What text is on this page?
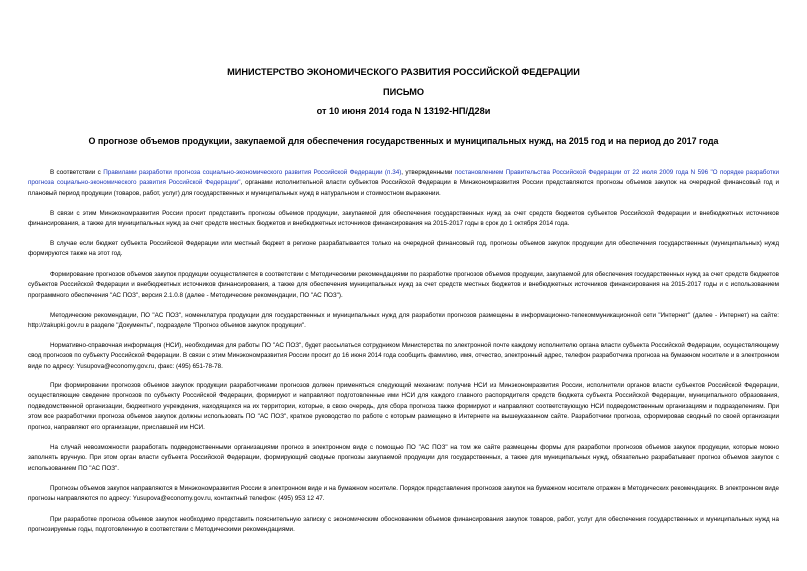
МИНИСТЕРСТВО ЭКОНОМИЧЕСКОГО РАЗВИТИЯ РОССИЙСКОЙ ФЕДЕРАЦИИ
ПИСЬМО
от 10 июня 2014 года N 13192-НП/Д28и
О прогнозе объемов продукции, закупаемой для обеспечения государственных и муниципальных нужд, на 2015 год и на период до 2017 года

В соответствии с Правилами разработки прогноза социально-экономического развития Российской Федерации (п.34), утвержденными постановлением Правительства Российской Федерации от 22 июля 2009 года N 596 "О порядке разработки прогноза социально-экономического развития Российской Федерации", органами исполнительной власти субъектов Российской Федерации в Минэкономразвития России представляются прогнозы объемов закупок на очередной финансовый год и плановый период продукции (товаров, работ, услуг) для государственных и муниципальных нужд в натуральном и стоимостном выражении.

В связи с этим Минэкономразвития России просит представить прогнозы объемов продукции, закупаемой для обеспечения государственных нужд за счет средств бюджетов субъектов Российской Федерации и внебюджетных источников финансирования, а также для муниципальных нужд за счет средств местных бюджетов и внебюджетных источников финансирования на 2015-2017 годы в срок до 1 октября 2014 года.

В случае если бюджет субъекта Российской Федерации или местный бюджет в регионе разрабатывается только на очередной финансовый год, прогнозы объемов закупок продукции для обеспечения государственных (муниципальных) нужд формируются также на этот год.

Формирование прогнозов объемов закупок продукции осуществляется в соответствии с Методическими рекомендациями по разработке прогнозов объемов продукции, закупаемой для обеспечения государственных нужд за счет средств бюджетов субъектов Российской Федерации и внебюджетных источников финансирования, а также для обеспечения муниципальных нужд за счет средств местных бюджетов и внебюджетных источников финансирования на 2015-2017 годы и с использованием программного обеспечения "АС ПОЗ", версия 2.1.0.8 (далее - Методические рекомендации, ПО "АС ПОЗ").

Методические рекомендации, ПО "АС ПОЗ", номенклатура продукции для государственных и муниципальных нужд для разработки прогнозов размещены в информационно-телекоммуникационной сети "Интернет" (далее - Интернет) на сайте: http://zakupki.gov.ru в разделе "Документы", подразделе "Прогноз объемов закупок продукции".

Нормативно-справочная информация (НСИ), необходимая для работы ПО "АС ПОЗ", будет рассылаться сотрудником Министерства по электронной почте каждому исполнителю органа власти субъекта Российской Федерации, осуществляющему свод прогнозов по субъекту Российской Федерации. В связи с этим Минэкономразвития России просит до 16 июня 2014 года сообщить фамилию, имя, отчество, электронный адрес, телефон разработчика прогноза на бумажном носителе и в электронном виде по адресу: Yusupova@economy.gov.ru, факс: (495) 651-78-78.

При формировании прогнозов объемов закупок продукции разработчиками прогнозов должен применяться следующий механизм: получив НСИ из Минэкономразвития России, исполнители органов власти субъектов Российской Федерации, осуществляющие сведение прогнозов по субъекту Российской Федерации, формируют и направляют подготовленные ими НСИ для каждого главного распорядителя средств бюджета субъекта Российской Федерации, муниципального образования, подведомственной организации, бюджетного учреждения, находящихся на их территории, которые, в свою очередь, для сбора прогноза также формируют и направляют соответствующую НСИ подведомственным организациям и подразделениям. При этом все разработчики прогноза объемов закупок должны использовать ПО "АС ПОЗ", краткое руководство по работе с которым размещено в Интернете на вышеуказанном сайте. Разработчики прогноза, сформировав сводный по своей организации прогноз, направляют его организации, приславшей им НСИ.

На случай невозможности разработать подведомственными организациями прогноз в электронном виде с помощью ПО "АС ПОЗ" на том же сайте размещены формы для разработки прогнозов объемов закупок продукции, которые можно заполнять вручную. При этом орган власти субъекта Российской Федерации, формирующий сводные прогнозы закупаемой продукции для государственных, а также для муниципальных нужд, обязательно разрабатывает прогноз объемов закупок с использованием ПО "АС ПОЗ".

Прогнозы объемов закупок направляются в Минэкономразвития России в электронном виде и на бумажном носителе. Порядок представления прогнозов закупок на бумажном носителе отражен в Методических рекомендациях. В электронном виде прогнозы направляются по адресу: Yusupova@economy.gov.ru, контактный телефон: (495) 953 12 47.

При разработке прогноза объемов закупок необходимо представить пояснительную записку с экономическим обоснованием объемов финансирования закупок товаров, работ, услуг для обеспечения государственных и муниципальных нужд на прогнозируемые годы, подготовленную в соответствии с Методическими рекомендациями.
